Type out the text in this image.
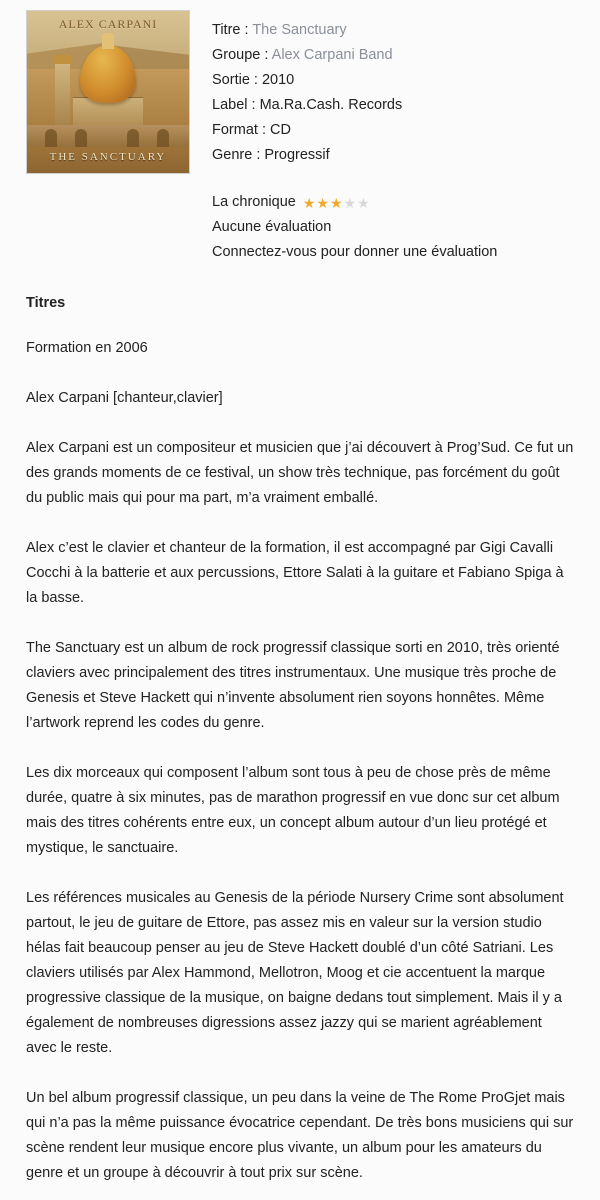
ALEX CARPANI
THE SANCTUARY
Titre : The Sanctuary
Groupe : Alex Carpani Band
Sortie : 2010
Label : Ma.Ra.Cash. Records
Format : CD
Genre : Progressif
La chronique ★★★★★
Aucune évaluation
Connectez-vous pour donner une évaluation
Titres

Formation en 2006

Alex Carpani [chanteur,clavier]

Alex Carpani est un compositeur et musicien que j’ai découvert à Prog’Sud. Ce fut un des grands moments de ce festival, un show très technique, pas forcément du goût du public mais qui pour ma part, m’a vraiment emballé.

Alex c’est le clavier et chanteur de la formation, il est accompagné par Gigi Cavalli Cocchi à la batterie et aux percussions, Ettore Salati à la guitare et Fabiano Spiga à la basse.

The Sanctuary est un album de rock progressif classique sorti en 2010, très orienté claviers avec principalement des titres instrumentaux. Une musique très proche de Genesis et Steve Hackett qui n’invente absolument rien soyons honnêtes. Même l’artwork reprend les codes du genre.

Les dix morceaux qui composent l’album sont tous à peu de chose près de même durée, quatre à six minutes, pas de marathon progressif en vue donc sur cet album mais des titres cohérents entre eux, un concept album autour d’un lieu protégé et mystique, le sanctuaire.

Les références musicales au Genesis de la période Nursery Crime sont absolument partout, le jeu de guitare de Ettore, pas assez mis en valeur sur la version studio hélas fait beaucoup penser au jeu de Steve Hackett doublé d’un côté Satriani. Les claviers utilisés par Alex Hammond, Mellotron, Moog et cie accentuent la marque progressive classique de la musique, on baigne dedans tout simplement. Mais il y a également de nombreuses digressions assez jazzy qui se marient agréablement avec le reste.

Un bel album progressif classique, un peu dans la veine de The Rome ProGjet mais qui n’a pas la même puissance évocatrice cependant. De très bons musiciens qui sur scène rendent leur musique encore plus vivante, un album pour les amateurs du genre et un groupe à découvrir à tout prix sur scène.
